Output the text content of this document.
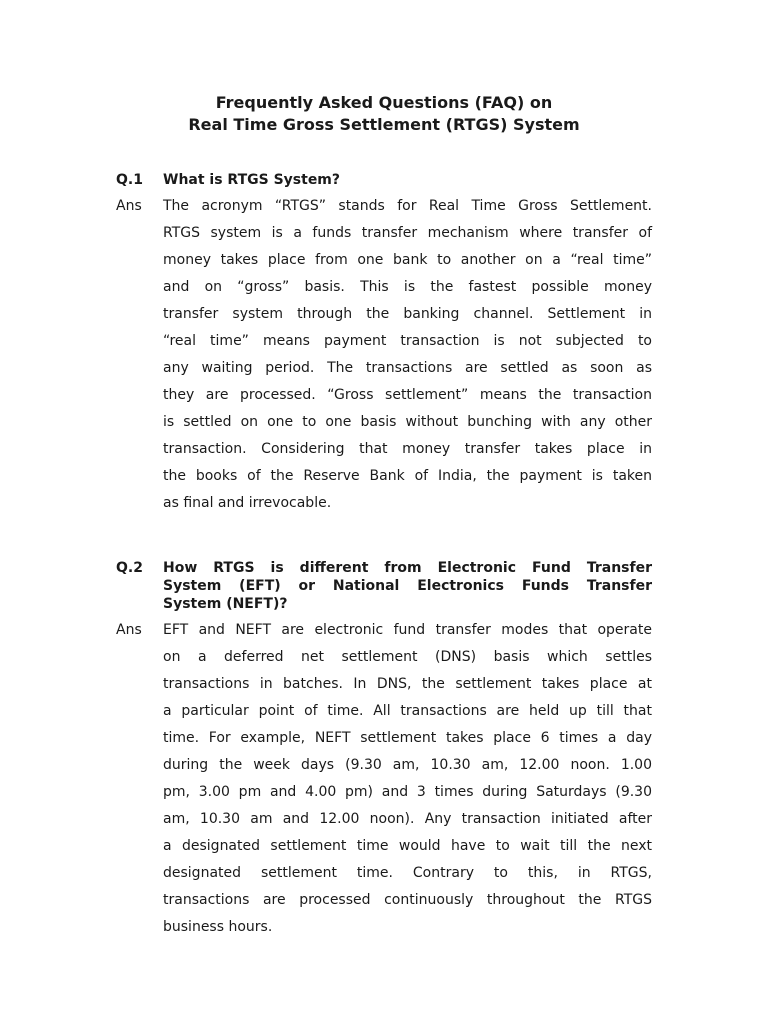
Frequently Asked Questions (FAQ) on
Real Time Gross Settlement (RTGS) System
Q.1 What is RTGS System?
Ans The acronym “RTGS” stands for Real Time Gross Settlement.
RTGS system is a funds transfer mechanism where transfer of
money takes place from one bank to another on a “real time”
and on “gross” basis. This is the fastest possible money
transfer system through the banking channel. Settlement in
“real time” means payment transaction is not subjected to
any waiting period. The transactions are settled as soon as
they are processed. “Gross settlement” means the transaction
is settled on one to one basis without bunching with any other
transaction. Considering that money transfer takes place in
the books of the Reserve Bank of India, the payment is taken
as final and irrevocable.
Q.2 How RTGS is different from Electronic Fund Transfer
System (EFT) or National Electronics Funds Transfer
System (NEFT)?
Ans EFT and NEFT are electronic fund transfer modes that operate
on a deferred net settlement (DNS) basis which settles
transactions in batches. In DNS, the settlement takes place at
a particular point of time. All transactions are held up till that
time. For example, NEFT settlement takes place 6 times a day
during the week days (9.30 am, 10.30 am, 12.00 noon. 1.00
pm, 3.00 pm and 4.00 pm) and 3 times during Saturdays (9.30
am, 10.30 am and 12.00 noon). Any transaction initiated after
a designated settlement time would have to wait till the next
designated settlement time. Contrary to this, in RTGS,
transactions are processed continuously throughout the RTGS
business hours.
